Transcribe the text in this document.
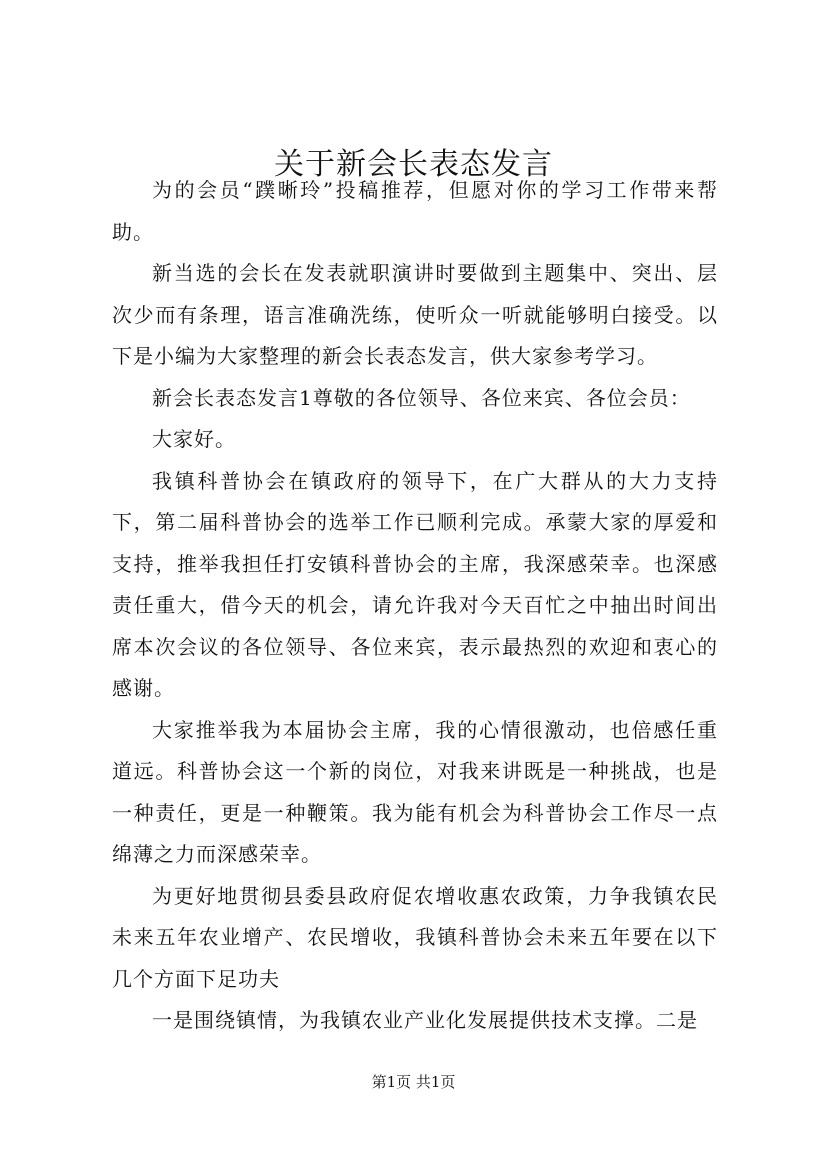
关于新会长表态发言

为的会员“蹼晰玲”投稿推荐，但愿对你的学习工作带来帮助。

新当选的会长在发表就职演讲时要做到主题集中、突出、层次少而有条理，语言准确洗练，使听众一听就能够明白接受。以下是小编为大家整理的新会长表态发言，供大家参考学习。

新会长表态发言1尊敬的各位领导、各位来宾、各位会员：

大家好。

我镇科普协会在镇政府的领导下，在广大群从的大力支持下，第二届科普协会的选举工作已顺利完成。承蒙大家的厚爱和支持，推举我担任打安镇科普协会的主席，我深感荣幸。也深感责任重大，借今天的机会，请允许我对今天百忙之中抽出时间出席本次会议的各位领导、各位来宾，表示最热烈的欢迎和衷心的感谢。

大家推举我为本届协会主席，我的心情很激动，也倍感任重道远。科普协会这一个新的岗位，对我来讲既是一种挑战，也是一种责任，更是一种鞭策。我为能有机会为科普协会工作尽一点绵薄之力而深感荣幸。

为更好地贯彻县委县政府促农增收惠农政策，力争我镇农民未来五年农业增产、农民增收，我镇科普协会未来五年要在以下几个方面下足功夫

一是围绕镇情，为我镇农业产业化发展提供技术支撑。二是

第1页 共1页
